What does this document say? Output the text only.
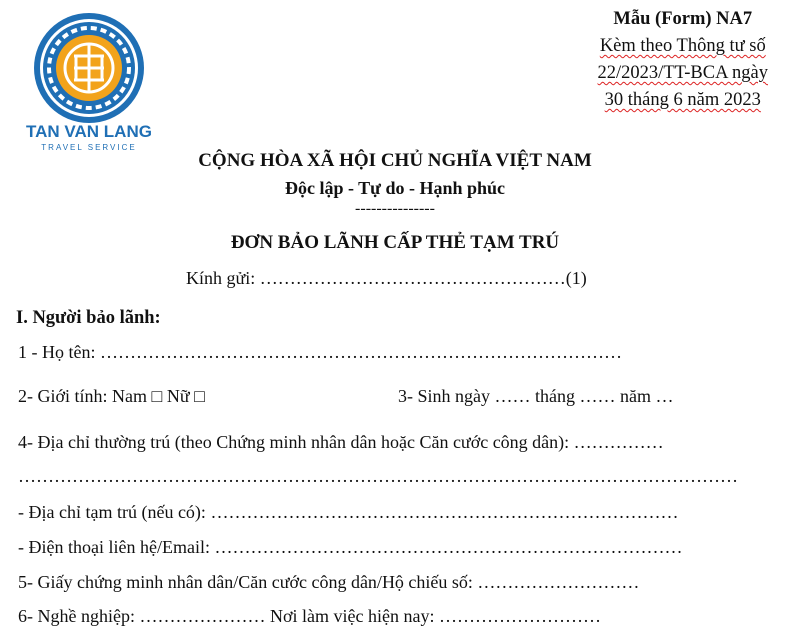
TAN VAN LANG
TRAVEL SERVICE
Mẫu (Form) NA7
Kèm theo Thông tư số
22/2023/TT-BCA ngày
30 tháng 6 năm 2023
CỘNG HÒA XÃ HỘI CHỦ NGHĨA VIỆT NAM
Độc lập - Tự do - Hạnh phúc
---------------
ĐƠN BẢO LÃNH CẤP THẺ TẠM TRÚ
Kính gửi: ……………………………………………(1)
I. Người bảo lãnh:
1 - Họ tên: ……………………………………………………………………………
2- Giới tính: Nam □ Nữ □	3- Sinh ngày …… tháng …… năm …
4- Địa chỉ thường trú (theo Chứng minh nhân dân hoặc Căn cước công dân): ……………
…………………………………………………………………………………………………………
- Địa chỉ tạm trú (nếu có): ……………………………………………………………………
- Điện thoại liên hệ/Email: ……………………………………………………………………
5- Giấy chứng minh nhân dân/Căn cước công dân/Hộ chiếu số: ………………………
6- Nghề nghiệp: ………………… Nơi làm việc hiện nay: ………………………
